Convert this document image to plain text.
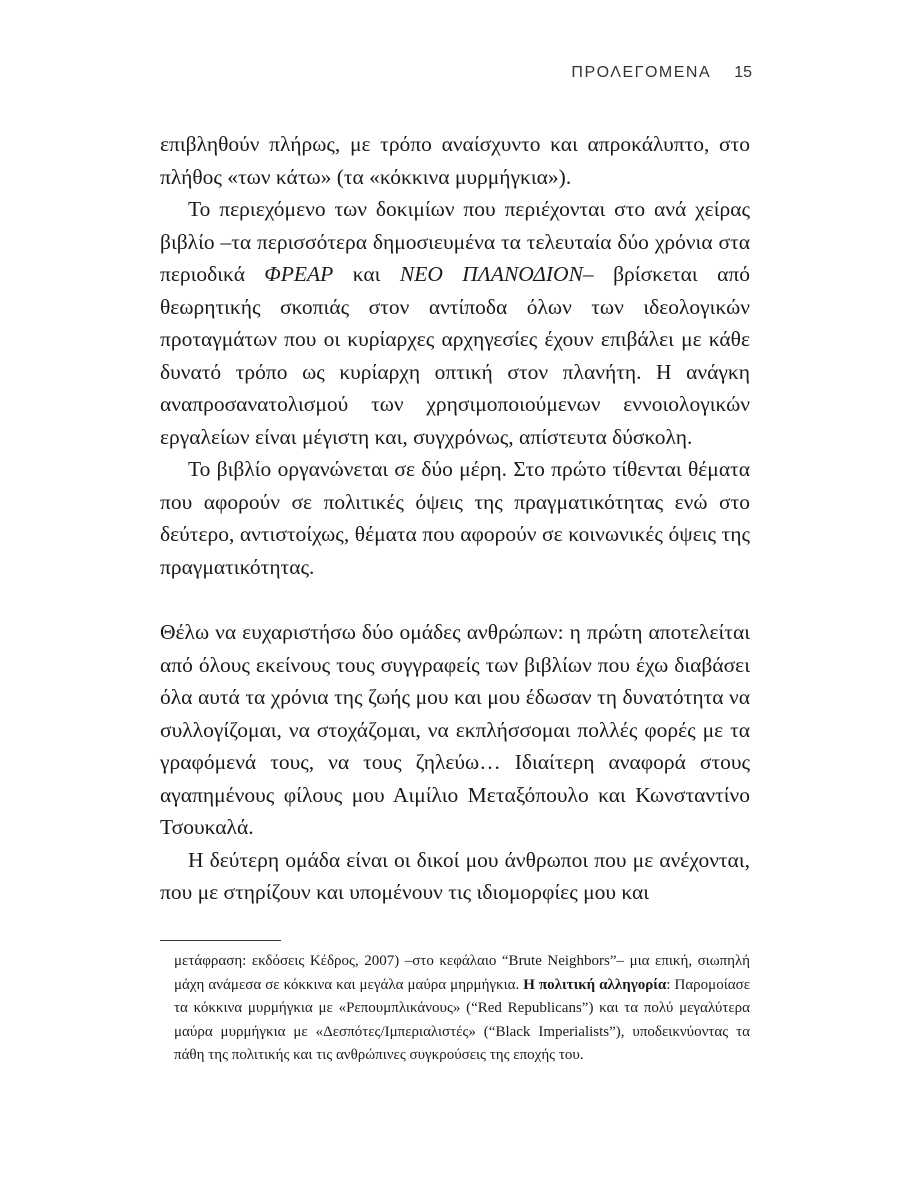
ΠΡΟΛΕΓΟΜΕΝΑ 15

επιβληθούν πλήρως, με τρόπο αναίσχυντο και απροκάλυπτο, στο πλήθος «των κάτω» (τα «κόκκινα μυρμήγκια»).

Το περιεχόμενο των δοκιμίων που περιέχονται στο ανά χείρας βιβλίο –τα περισσότερα δημοσιευμένα τα τελευταία δύο χρόνια στα περιοδικά ΦΡΕΑΡ και ΝΕΟ ΠΛΑΝΟΔΙΟΝ– βρίσκεται από θεωρητικής σκοπιάς στον αντίποδα όλων των ιδεολογικών προταγμάτων που οι κυρίαρχες αρχηγεσίες έχουν επιβάλει με κάθε δυνατό τρόπο ως κυρίαρχη οπτική στον πλανήτη. Η ανάγκη αναπροσανατολισμού των χρησιμοποιούμενων εννοιολογικών εργαλείων είναι μέγιστη και, συγχρόνως, απίστευτα δύσκολη.

Το βιβλίο οργανώνεται σε δύο μέρη. Στο πρώτο τίθενται θέματα που αφορούν σε πολιτικές όψεις της πραγματικότητας ενώ στο δεύτερο, αντιστοίχως, θέματα που αφορούν σε κοινωνικές όψεις της πραγματικότητας.

Θέλω να ευχαριστήσω δύο ομάδες ανθρώπων: η πρώτη αποτελείται από όλους εκείνους τους συγγραφείς των βιβλίων που έχω διαβάσει όλα αυτά τα χρόνια της ζωής μου και μου έδωσαν τη δυνατότητα να συλλογίζομαι, να στοχάζομαι, να εκπλήσσομαι πολλές φορές με τα γραφόμενά τους, να τους ζηλεύω… Ιδιαίτερη αναφορά στους αγαπημένους φίλους μου Αιμίλιο Μεταξόπουλο και Κωνσταντίνο Τσουκαλά.

Η δεύτερη ομάδα είναι οι δικοί μου άνθρωποι που με ανέχονται, που με στηρίζουν και υπομένουν τις ιδιομορφίες μου και

μετάφραση: εκδόσεις Κέδρος, 2007) –στο κεφάλαιο “Brute Neighbors”– μια επική, σιωπηλή μάχη ανάμεσα σε κόκκινα και μεγάλα μαύρα μηρμήγκια. Η πολιτική αλληγορία: Παρομοίασε τα κόκκινα μυρμήγκια με «Ρεπουμπλικάνους» (“Red Republicans”) και τα πολύ μεγαλύτερα μαύρα μυρμήγκια με «Δεσπότες/Ιμπεριαλιστές» (“Black Imperialists”), υποδεικνύοντας τα πάθη της πολιτικής και τις ανθρώπινες συγκρούσεις της εποχής του.
